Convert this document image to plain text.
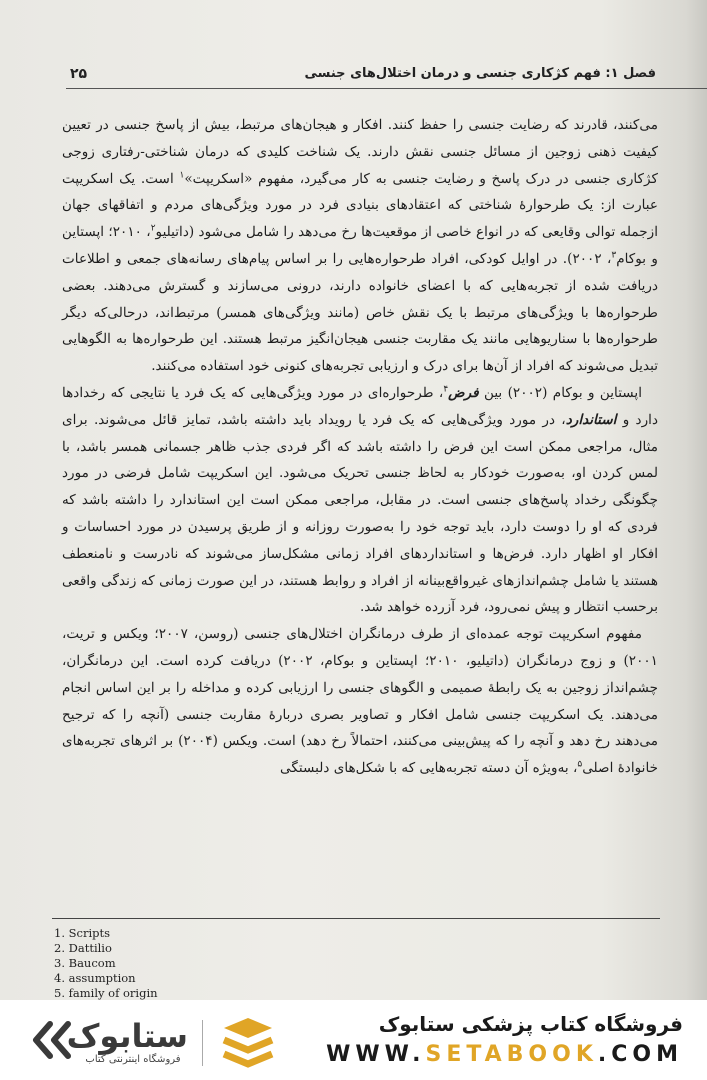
فصل ۱: فهم کژکاری جنسی و درمان اختلال‌های جنسی
۲۵

می‌کنند، قادرند که رضایت جنسی را حفظ کنند. افکار و هیجان‌های مرتبط، بیش از پاسخ جنسی در تعیین کیفیت ذهنی زوجین از مسائل جنسی نقش دارند. یک شناخت کلیدی که درمان شناختی-رفتاری زوجی کژکاری جنسی در درک پاسخ و رضایت جنسی به کار می‌گیرد، مفهوم «اسکریپت»$^۱$ است. یک اسکریپت عبارت از: یک طرحوارهٔ شناختی که اعتقادهای بنیادی فرد در مورد ویژگی‌های مردم و اتفاقهای جهان ازجمله توالی وقایعی که در انواع خاصی از موقعیت‌ها رخ می‌دهد را شامل می‌شود (داتیلیو$^۲$، ۲۰۱۰؛ اپستاین و بوکام$^۳$، ۲۰۰۲). در اوایل کودکی، افراد طرحواره‌هایی را بر اساس پیام‌های رسانه‌های جمعی و اطلاعات دریافت شده از تجربه‌هایی که با اعضای خانواده دارند، درونی می‌سازند و گسترش می‌دهند. بعضی طرحواره‌ها با ویژگی‌های مرتبط با یک نقش خاص (مانند ویژگی‌های همسر) مرتبط‌اند، درحالی‌که دیگر طرحواره‌ها با سناریوهایی مانند یک مقاربت جنسی هیجان‌انگیز مرتبط هستند. این طرحواره‌ها به الگوهایی تبدیل می‌شوند که افراد از آن‌ها برای درک و ارزیابی تجربه‌های کنونی خود استفاده می‌کنند.

اپستاین و بوکام (۲۰۰۲) بین فرض$^۴$، طرحواره‌ای در مورد ویژگی‌هایی که یک فرد یا نتایجی که رخدادها دارد و استاندارد، در مورد ویژگی‌هایی که یک فرد یا رویداد باید داشته باشد، تمایز قائل می‌شوند. برای مثال، مراجعی ممکن است این فرض را داشته باشد که اگر فردی جذب ظاهر جسمانی همسر باشد، با لمس کردن او، به‌صورت خودکار به لحاظ جنسی تحریک می‌شود. این اسکریپت شامل فرضی در مورد چگونگی رخداد پاسخ‌های جنسی است. در مقابل، مراجعی ممکن است این استاندارد را داشته باشد که فردی که او را دوست دارد، باید توجه خود را به‌صورت روزانه و از طریق پرسیدن در مورد احساسات و افکار او اظهار دارد. فرض‌ها و استانداردهای افراد زمانی مشکل‌ساز می‌شوند که نادرست و نامنعطف هستند یا شامل چشم‌اندازهای غیرواقع‌بینانه از افراد و روابط هستند، در این صورت زمانی که زندگی واقعی برحسب انتظار و پیش نمی‌رود، فرد آزرده خواهد شد.

مفهوم اسکریپت توجه عمده‌ای از طرف درمانگران اختلال‌های جنسی (روسن، ۲۰۰۷؛ ویکس و تریت، ۲۰۰۱) و زوج درمانگران (داتیلیو، ۲۰۱۰؛ اپستاین و بوکام، ۲۰۰۲) دریافت کرده است. این درمانگران، چشم‌انداز زوجین به یک رابطهٔ صمیمی و الگوهای جنسی را ارزیابی کرده و مداخله را بر این اساس انجام می‌دهند. یک اسکریپت جنسی شامل افکار و تصاویر بصری دربارهٔ مقاربت جنسی (آنچه را که ترجیح می‌دهند رخ دهد و آنچه را که پیش‌بینی می‌کنند، احتمالاً رخ دهد) است. ویکس (۲۰۰۴) بر اثرهای تجربه‌های خانوادهٔ اصلی$^۵$، به‌ویژه آن دسته تجربه‌هایی که با شکل‌های دلبستگی

1. Scripts
2. Dattilio
3. Baucom
4. assumption
5. family of origin
ستابوک
فروشگاه اینترنتی کتاب
فروشگاه کتاب پزشکی ستابوک
WWW.SETABOOK.COM
